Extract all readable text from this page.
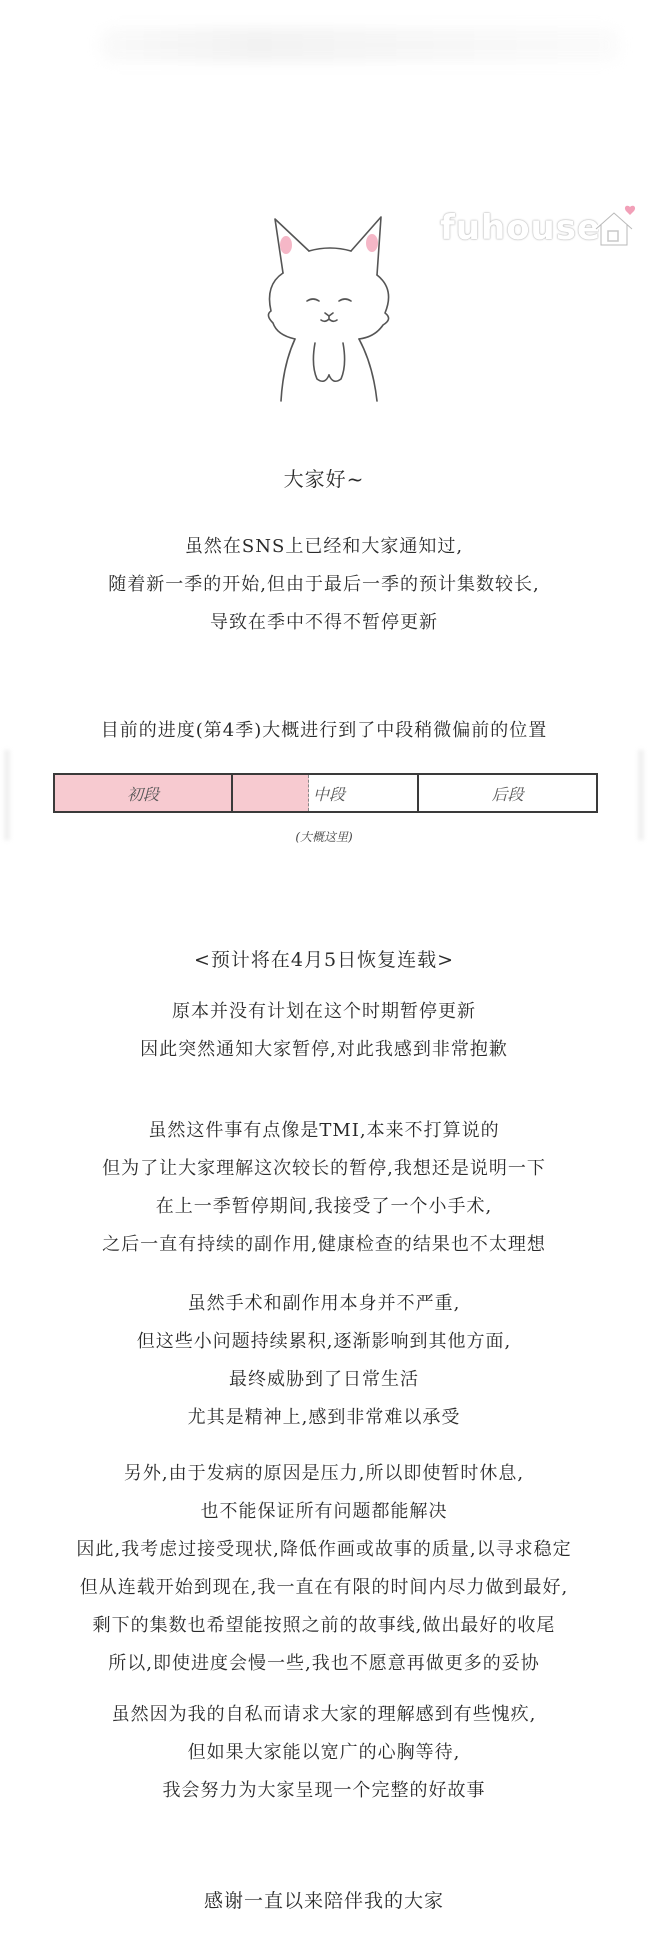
fuhouse
大家好~
虽然在SNS上已经和大家通知过,
随着新一季的开始,但由于最后一季的预计集数较长,
导致在季中不得不暂停更新
目前的进度(第4季)大概进行到了中段稍微偏前的位置
初段	中段	后段
(大概这里)
<预计将在4月5日恢复连载>
原本并没有计划在这个时期暂停更新
因此突然通知大家暂停,对此我感到非常抱歉
虽然这件事有点像是TMI,本来不打算说的
但为了让大家理解这次较长的暂停,我想还是说明一下
在上一季暂停期间,我接受了一个小手术,
之后一直有持续的副作用,健康检查的结果也不太理想
虽然手术和副作用本身并不严重,
但这些小问题持续累积,逐渐影响到其他方面,
最终威胁到了日常生活
尤其是精神上,感到非常难以承受
另外,由于发病的原因是压力,所以即使暂时休息,
也不能保证所有问题都能解决
因此,我考虑过接受现状,降低作画或故事的质量,以寻求稳定
但从连载开始到现在,我一直在有限的时间内尽力做到最好,
剩下的集数也希望能按照之前的故事线,做出最好的收尾
所以,即使进度会慢一些,我也不愿意再做更多的妥协
虽然因为我的自私而请求大家的理解感到有些愧疚,
但如果大家能以宽广的心胸等待,
我会努力为大家呈现一个完整的好故事
感谢一直以来陪伴我的大家
